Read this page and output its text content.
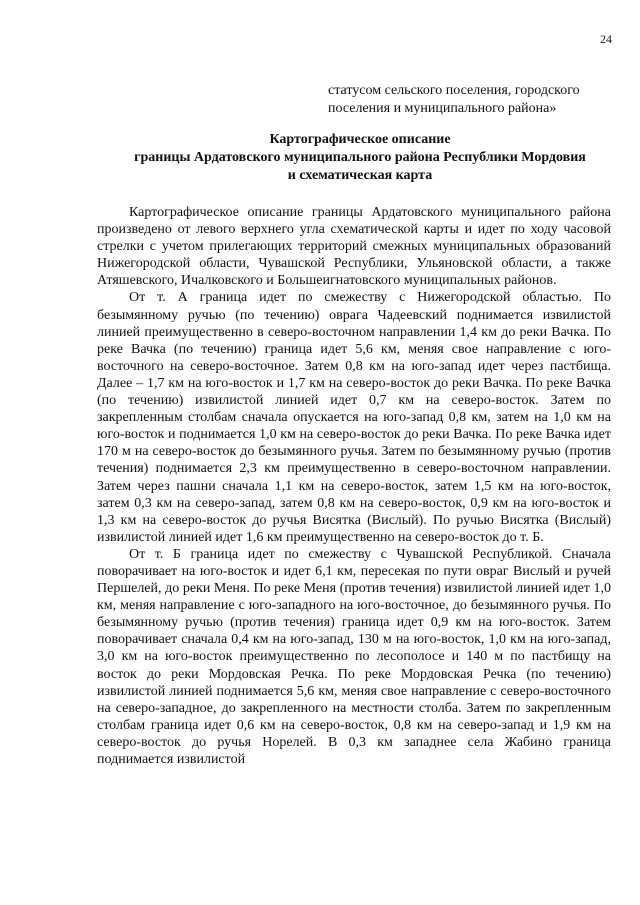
24
статусом сельского поселения, городского
поселения и муниципального района»
Картографическое описание
границы Ардатовского муниципального района Республики Мордовия
и схематическая карта

Картографическое описание границы Ардатовского муниципального района произведено от левого верхнего угла схематической карты и идет по ходу часовой стрелки с учетом прилегающих территорий смежных муниципальных образований Нижегородской области, Чувашской Республики, Ульяновской области, а также Атяшевского, Ичалковского и Большеигнатовского муниципальных районов.

От т. А граница идет по смежеству с Нижегородской областью. По безымянному ручью (по течению) оврага Чадеевский поднимается извилистой линией преимущественно в северо-восточном направлении 1,4 км до реки Вачка. По реке Вачка (по течению) граница идет 5,6 км, меняя свое направление с юго-восточного на северо-восточное. Затем 0,8 км на юго-запад идет через пастбища. Далее – 1,7 км на юго-восток и 1,7 км на северо-восток до реки Вачка. По реке Вачка (по течению) извилистой линией идет 0,7 км на северо-восток. Затем по закрепленным столбам сначала опускается на юго-запад 0,8 км, затем на 1,0 км на юго-восток и поднимается 1,0 км на северо-восток до реки Вачка. По реке Вачка идет 170 м на северо-восток до безымянного ручья. Затем по безымянному ручью (против течения) поднимается 2,3 км преимущественно в северо-восточном направлении. Затем через пашни сначала 1,1 км на северо-восток, затем 1,5 км на юго-восток, затем 0,3 км на северо-запад, затем 0,8 км на северо-восток, 0,9 км на юго-восток и 1,3 км на северо-восток до ручья Висятка (Вислый). По ручью Висятка (Вислый) извилистой линией идет 1,6 км преимущественно на северо-восток до т. Б.

От т. Б граница идет по смежеству с Чувашской Республикой. Сначала поворачивает на юго-восток и идет 6,1 км, пересекая по пути овраг Вислый и ручей Першелей, до реки Меня. По реке Меня (против течения) извилистой линией идет 1,0 км, меняя направление с юго-западного на юго-восточное, до безымянного ручья. По безымянному ручью (против течения) граница идет 0,9 км на юго-восток. Затем поворачивает сначала 0,4 км на юго-запад, 130 м на юго-восток, 1,0 км на юго-запад, 3,0 км на юго-восток преимущественно по лесополосе и 140 м по пастбищу на восток до реки Мордовская Речка. По реке Мордовская Речка (по течению) извилистой линией поднимается 5,6 км, меняя свое направление с северо-восточного на северо-западное, до закрепленного на местности столба. Затем по закрепленным столбам граница идет 0,6 км на северо-восток, 0,8 км на северо-запад и 1,9 км на северо-восток до ручья Норелей. В 0,3 км западнее села Жабино граница поднимается извилистой
